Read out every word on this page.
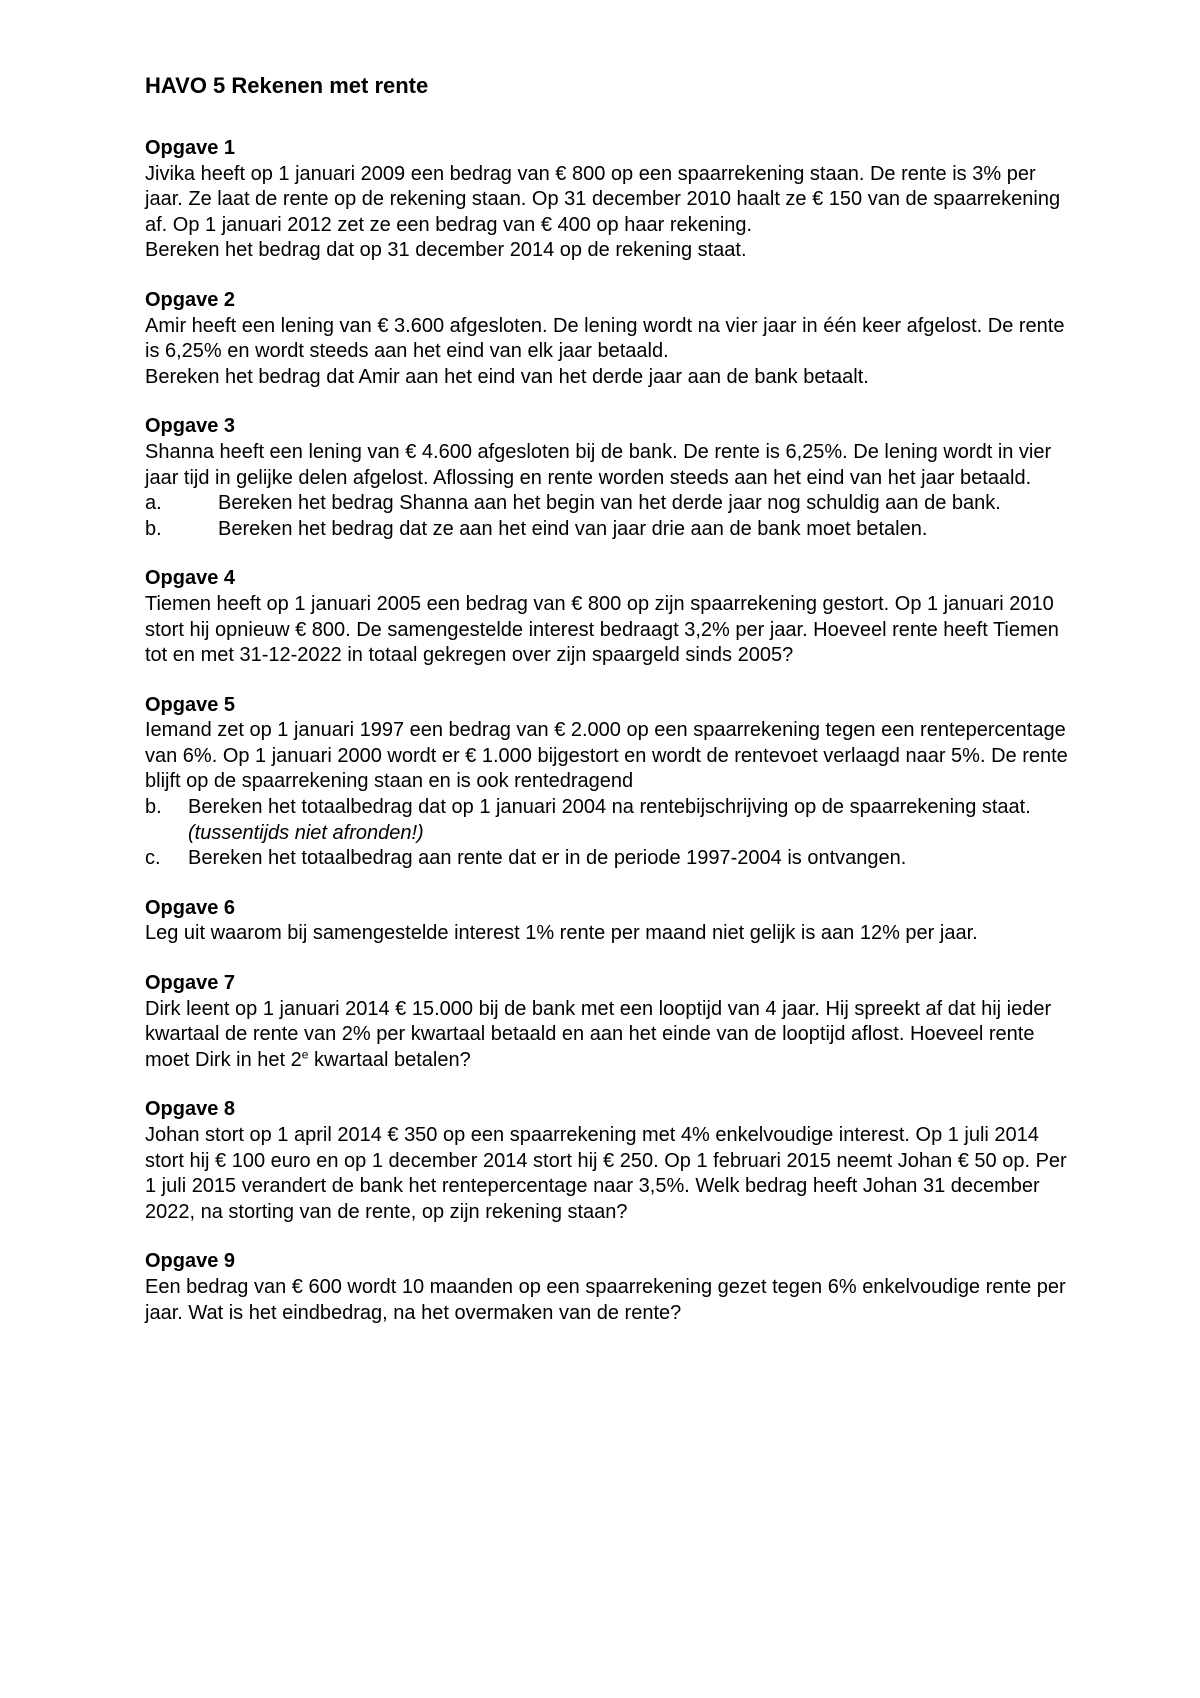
HAVO 5 Rekenen met rente
Opgave 1
Jivika heeft op 1 januari 2009 een bedrag van € 800 op een spaarrekening staan. De rente is 3% per jaar. Ze laat de rente op de rekening staan. Op 31 december 2010 haalt ze € 150 van de spaarrekening af. Op 1 januari 2012 zet ze een bedrag van € 400 op haar rekening.
Bereken het bedrag dat op 31 december 2014 op de rekening staat.
Opgave 2
Amir heeft een lening van € 3.600 afgesloten. De lening wordt na vier jaar in één keer afgelost. De rente is 6,25% en wordt steeds aan het eind van elk jaar betaald.
Bereken het bedrag dat Amir aan het eind van het derde jaar aan de bank betaalt.
Opgave 3
Shanna heeft een lening van € 4.600 afgesloten bij de bank. De rente is 6,25%. De lening wordt in vier jaar tijd in gelijke delen afgelost. Aflossing en rente worden steeds aan het eind van het jaar betaald.
a.	Bereken het bedrag Shanna aan het begin van het derde jaar nog schuldig aan de bank.
b.	Bereken het bedrag dat ze aan het eind van jaar drie aan de bank moet betalen.
Opgave 4
Tiemen heeft op 1 januari 2005 een bedrag van € 800 op zijn spaarrekening gestort. Op 1 januari 2010 stort hij opnieuw € 800. De samengestelde interest bedraagt 3,2% per jaar. Hoeveel rente heeft Tiemen tot en met 31-12-2022 in totaal gekregen over zijn spaargeld sinds 2005?
Opgave 5
Iemand zet op 1 januari 1997 een bedrag van € 2.000 op een spaarrekening tegen een rentepercentage van 6%. Op 1 januari 2000 wordt er € 1.000 bijgestort en wordt de rentevoet verlaagd naar 5%. De rente blijft op de spaarrekening staan en is ook rentedragend
b. Bereken het totaalbedrag dat op 1 januari 2004 na rentebijschrijving op de spaarrekening staat. (tussentijds niet afronden!)
c. Bereken het totaalbedrag aan rente dat er in de periode 1997-2004 is ontvangen.
Opgave 6
Leg uit waarom bij samengestelde interest 1% rente per maand niet gelijk is aan 12% per jaar.
Opgave 7
Dirk leent op 1 januari 2014 € 15.000 bij de bank met een looptijd van 4 jaar. Hij spreekt af dat hij ieder kwartaal de rente van 2% per kwartaal betaald en aan het einde van de looptijd aflost. Hoeveel rente moet Dirk in het 2e kwartaal betalen?
Opgave 8
Johan stort op 1 april 2014 € 350 op een spaarrekening met 4% enkelvoudige interest. Op 1 juli 2014 stort hij € 100 euro en op 1 december 2014 stort hij € 250. Op 1 februari 2015 neemt Johan € 50 op. Per 1 juli 2015 verandert de bank het rentepercentage naar 3,5%. Welk bedrag heeft Johan 31 december 2022, na storting van de rente, op zijn rekening staan?
Opgave 9
Een bedrag van € 600 wordt 10 maanden op een spaarrekening gezet tegen 6% enkelvoudige rente per jaar. Wat is het eindbedrag, na het overmaken van de rente?
